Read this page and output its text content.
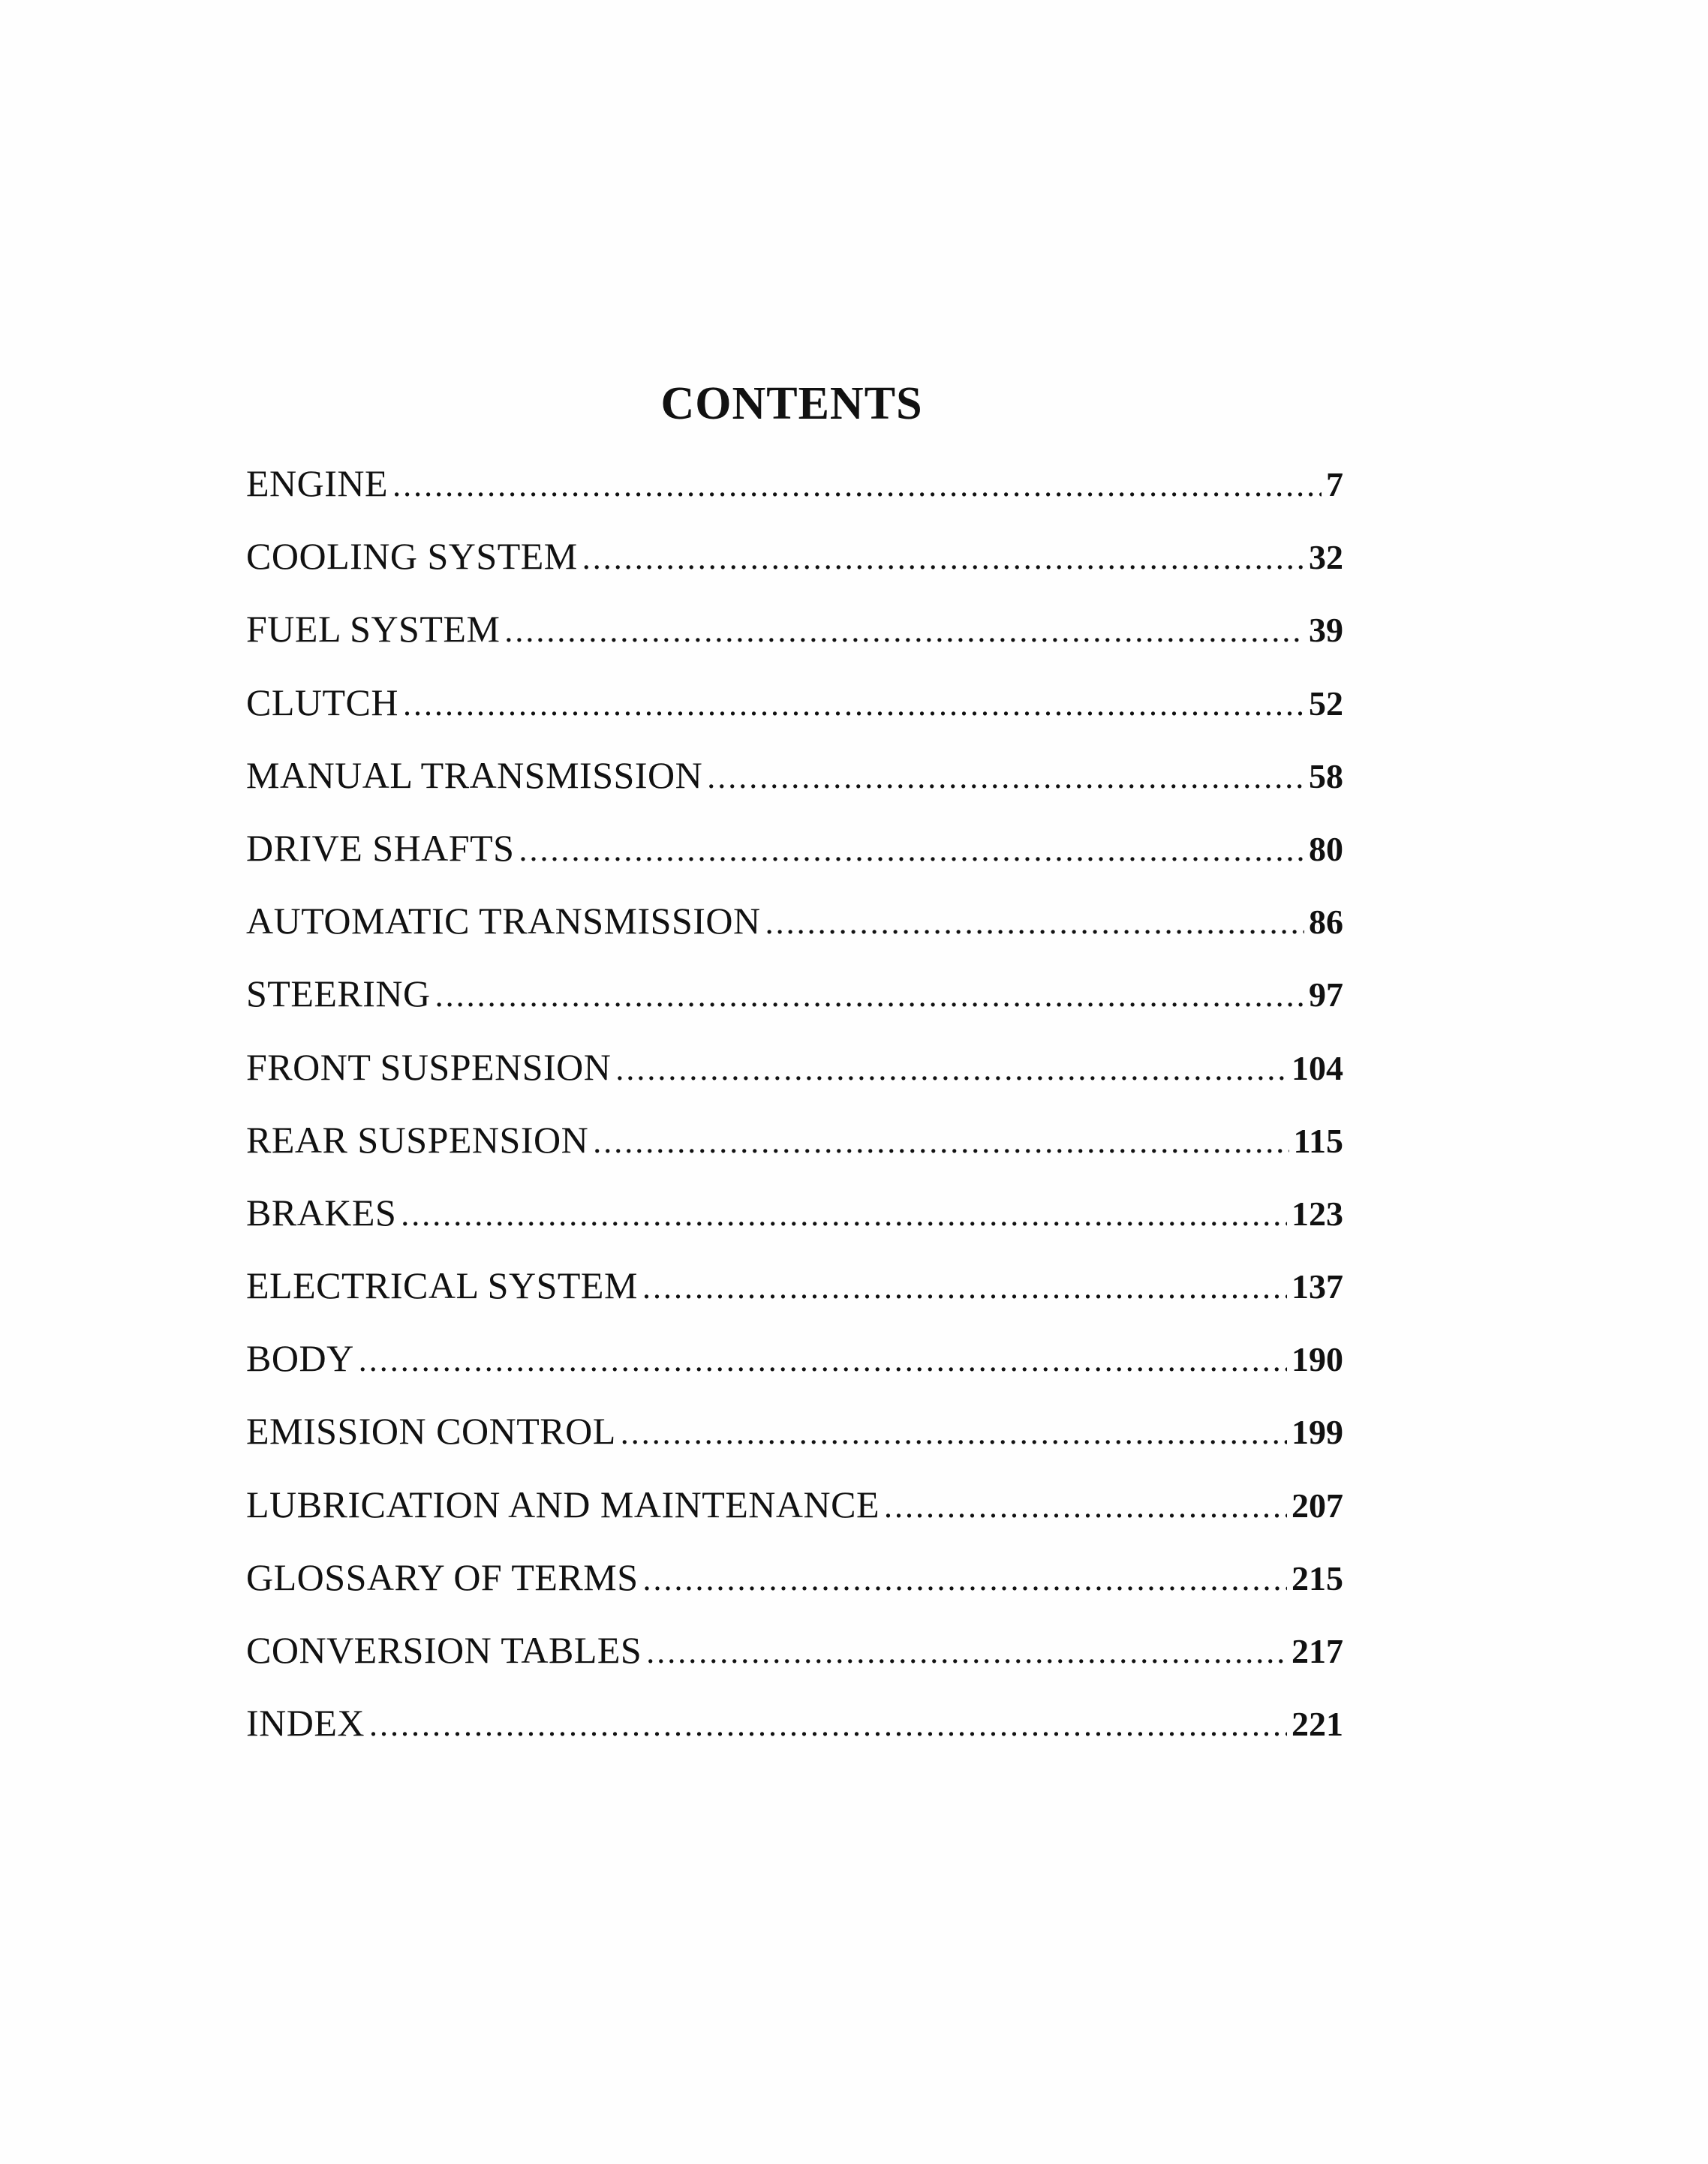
CONTENTS
ENGINE .....	7
COOLING SYSTEM .....	32
FUEL SYSTEM .....	39
CLUTCH .....	52
MANUAL TRANSMISSION .....	58
DRIVE SHAFTS .....	80
AUTOMATIC TRANSMISSION .....	86
STEERING .....	97
FRONT SUSPENSION .....	104
REAR SUSPENSION .....	115
BRAKES .....	123
ELECTRICAL SYSTEM .....	137
BODY .....	190
EMISSION CONTROL .....	199
LUBRICATION AND MAINTENANCE .....	207
GLOSSARY OF TERMS .....	215
CONVERSION TABLES .....	217
INDEX .....	221
